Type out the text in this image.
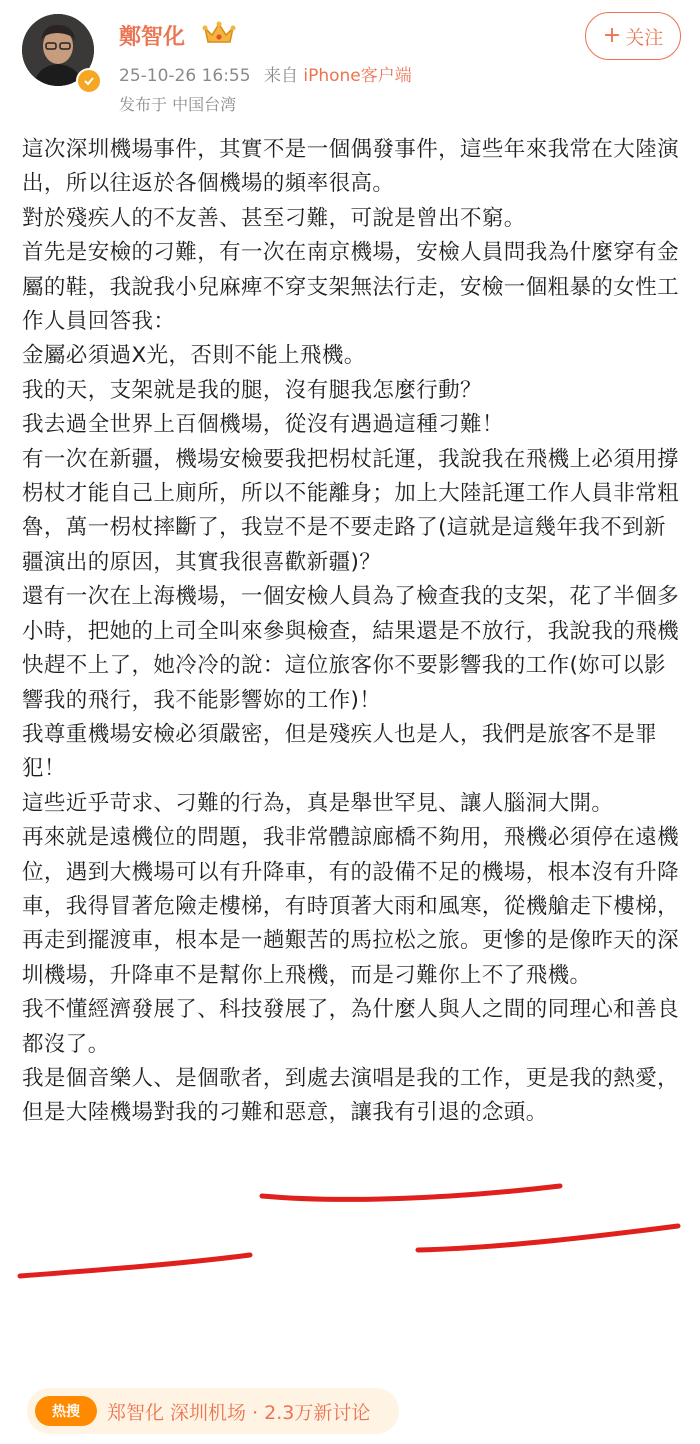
鄭智化
25-10-26 16:55 来自 iPhone客户端
发布于 中国台湾
+ 关注

這次深圳機場事件，其實不是一個偶發事件，這些年來我常在大陸演出，所以往返於各個機場的頻率很高。

對於殘疾人的不友善、甚至刁難，可說是曾出不窮。

首先是安檢的刁難，有一次在南京機場，安檢人員問我為什麼穿有金屬的鞋，我說我小兒麻痺不穿支架無法行走，安檢一個粗暴的女性工作人員回答我：

金屬必須過X光，否則不能上飛機。

我的天，支架就是我的腿，沒有腿我怎麼行動？

我去過全世界上百個機場，從沒有遇過這種刁難！

有一次在新疆，機場安檢要我把枴杖託運，我說我在飛機上必須用撐枴杖才能自己上廁所，所以不能離身；加上大陸託運工作人員非常粗魯，萬一枴杖摔斷了，我豈不是不要走路了(這就是這幾年我不到新疆演出的原因，其實我很喜歡新疆)？

還有一次在上海機場，一個安檢人員為了檢查我的支架，花了半個多小時，把她的上司全叫來參與檢查，結果還是不放行，我說我的飛機快趕不上了，她冷冷的說：這位旅客你不要影響我的工作(妳可以影響我的飛行，我不能影響妳的工作)！

我尊重機場安檢必須嚴密，但是殘疾人也是人，我們是旅客不是罪犯！

這些近乎苛求、刁難的行為，真是舉世罕見、讓人腦洞大開。

再來就是遠機位的問題，我非常體諒廊橋不夠用，飛機必須停在遠機位，遇到大機場可以有升降車，有的設備不足的機場，根本沒有升降車，我得冒著危險走樓梯，有時頂著大雨和風寒，從機艙走下樓梯，再走到擺渡車，根本是一趟艱苦的馬拉松之旅。更慘的是像昨天的深圳機場，升降車不是幫你上飛機，而是刁難你上不了飛機。

我不懂經濟發展了、科技發展了，為什麼人與人之間的同理心和善良都沒了。

我是個音樂人、是個歌者，到處去演唱是我的工作，更是我的熱愛，但是大陸機場對我的刁難和惡意，讓我有引退的念頭。

热搜 郑智化 深圳机场 · 2.3万新讨论
